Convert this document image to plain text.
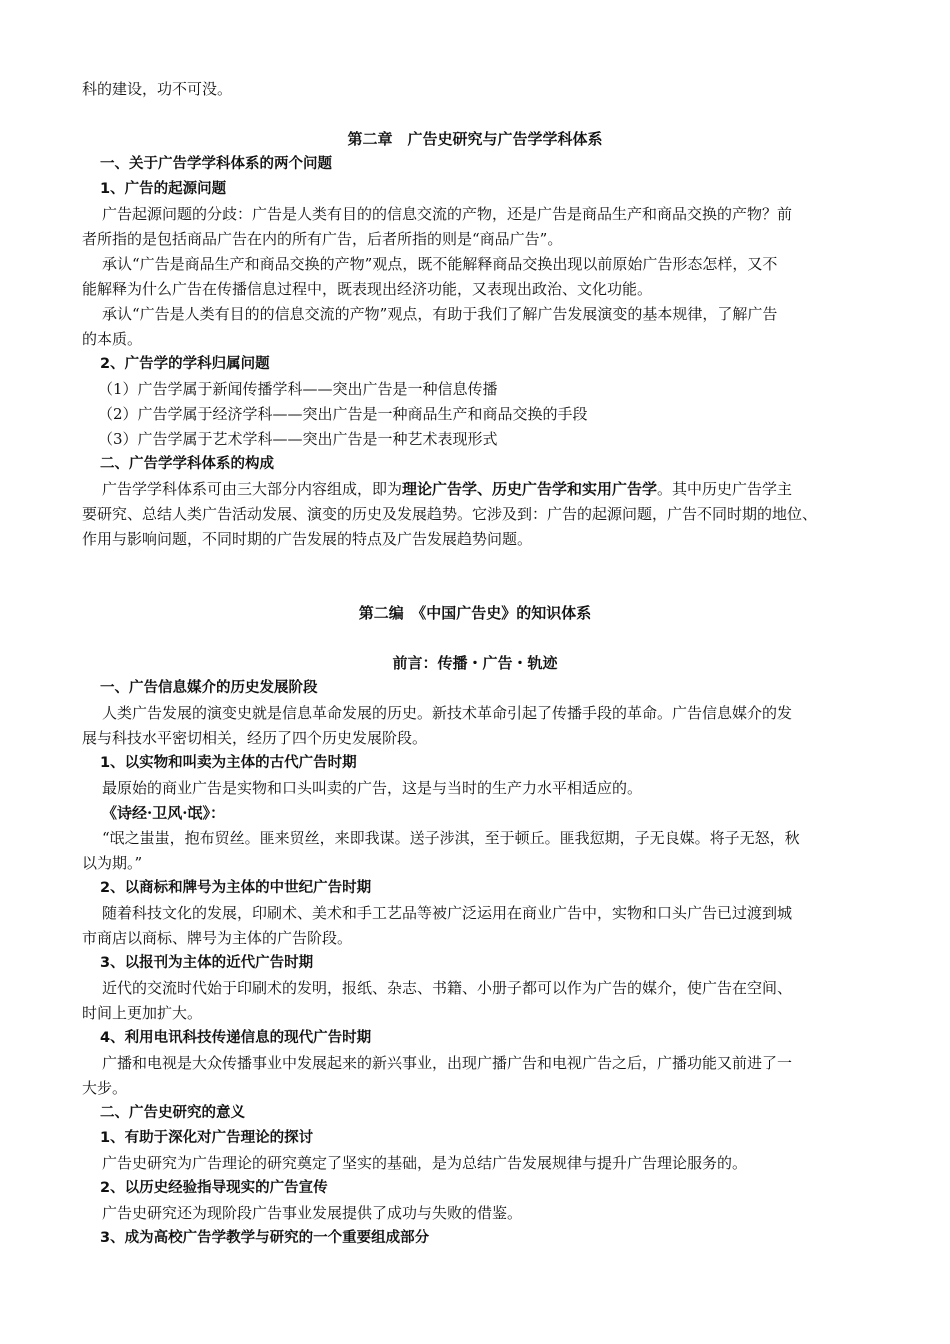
科的建设，功不可没。
第二章　广告史研究与广告学学科体系
一、关于广告学学科体系的两个问题
1、广告的起源问题
广告起源问题的分歧：广告是人类有目的的信息交流的产物，还是广告是商品生产和商品交换的产物？前
者所指的是包括商品广告在内的所有广告，后者所指的则是“商品广告”。
承认“广告是商品生产和商品交换的产物”观点，既不能解释商品交换出现以前原始广告形态怎样，又不
能解释为什么广告在传播信息过程中，既表现出经济功能，又表现出政治、文化功能。
承认“广告是人类有目的的信息交流的产物”观点，有助于我们了解广告发展演变的基本规律，了解广告
的本质。
2、广告学的学科归属问题
（1）广告学属于新闻传播学科——突出广告是一种信息传播
（2）广告学属于经济学科——突出广告是一种商品生产和商品交换的手段
（3）广告学属于艺术学科——突出广告是一种艺术表现形式
二、广告学学科体系的构成
广告学学科体系可由三大部分内容组成，即为理论广告学、历史广告学和实用广告学。其中历史广告学主
要研究、总结人类广告活动发展、演变的历史及发展趋势。它涉及到：广告的起源问题，广告不同时期的地位、
作用与影响问题，不同时期的广告发展的特点及广告发展趋势问题。
第二编　《中国广告史》的知识体系
前言：传播・广告・轨迹
一、广告信息媒介的历史发展阶段
人类广告发展的演变史就是信息革命发展的历史。新技术革命引起了传播手段的革命。广告信息媒介的发
展与科技水平密切相关，经历了四个历史发展阶段。
1、以实物和叫卖为主体的古代广告时期
最原始的商业广告是实物和口头叫卖的广告，这是与当时的生产力水平相适应的。
《诗经·卫风·氓》：
“氓之蚩蚩，抱布贸丝。匪来贸丝，来即我谋。送子涉淇，至于顿丘。匪我愆期，子无良媒。将子无怒，秋
以为期。”
2、以商标和牌号为主体的中世纪广告时期
随着科技文化的发展，印刷术、美术和手工艺品等被广泛运用在商业广告中，实物和口头广告已过渡到城
市商店以商标、牌号为主体的广告阶段。
3、以报刊为主体的近代广告时期
近代的交流时代始于印刷术的发明，报纸、杂志、书籍、小册子都可以作为广告的媒介，使广告在空间、
时间上更加扩大。
4、利用电讯科技传递信息的现代广告时期
广播和电视是大众传播事业中发展起来的新兴事业，出现广播广告和电视广告之后，广播功能又前进了一
大步。
二、广告史研究的意义
1、有助于深化对广告理论的探讨
广告史研究为广告理论的研究奠定了坚实的基础，是为总结广告发展规律与提升广告理论服务的。
2、以历史经验指导现实的广告宣传
广告史研究还为现阶段广告事业发展提供了成功与失败的借鉴。
3、成为高校广告学教学与研究的一个重要组成部分
